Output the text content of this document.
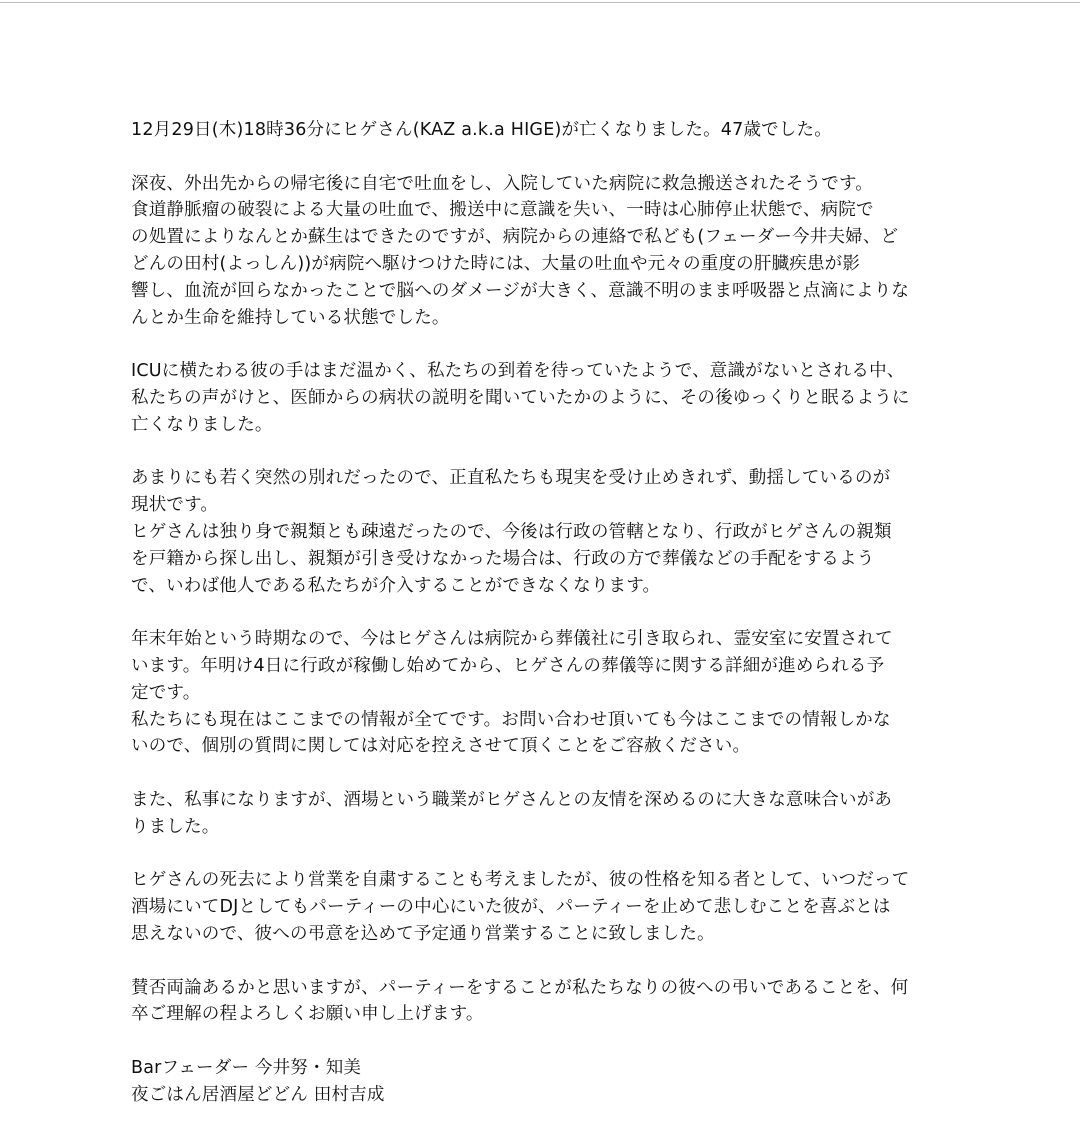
12月29日(木)18時36分にヒゲさん(KAZ a.k.a HIGE)が亡くなりました。47歳でした。

深夜、外出先からの帰宅後に自宅で吐血をし、入院していた病院に救急搬送されたそうです。
食道静脈瘤の破裂による大量の吐血で、搬送中に意識を失い、一時は心肺停止状態で、病院で
の処置によりなんとか蘇生はできたのですが、病院からの連絡で私ども(フェーダー今井夫婦、ど
どんの田村(よっしん))が病院へ駆けつけた時には、大量の吐血や元々の重度の肝臓疾患が影
響し、血流が回らなかったことで脳へのダメージが大きく、意識不明のまま呼吸器と点滴によりな
んとか生命を維持している状態でした。

ICUに横たわる彼の手はまだ温かく、私たちの到着を待っていたようで、意識がないとされる中、
私たちの声がけと、医師からの病状の説明を聞いていたかのように、その後ゆっくりと眠るように
亡くなりました。

あまりにも若く突然の別れだったので、正直私たちも現実を受け止めきれず、動揺しているのが
現状です。
ヒゲさんは独り身で親類とも疎遠だったので、今後は行政の管轄となり、行政がヒゲさんの親類
を戸籍から探し出し、親類が引き受けなかった場合は、行政の方で葬儀などの手配をするよう
で、いわば他人である私たちが介入することができなくなります。

年末年始という時期なので、今はヒゲさんは病院から葬儀社に引き取られ、霊安室に安置されて
います。年明け4日に行政が稼働し始めてから、ヒゲさんの葬儀等に関する詳細が進められる予
定です。
私たちにも現在はここまでの情報が全てです。お問い合わせ頂いても今はここまでの情報しかな
いので、個別の質問に関しては対応を控えさせて頂くことをご容赦ください。

また、私事になりますが、酒場という職業がヒゲさんとの友情を深めるのに大きな意味合いがあ
りました。

ヒゲさんの死去により営業を自粛することも考えましたが、彼の性格を知る者として、いつだって
酒場にいてDJとしてもパーティーの中心にいた彼が、パーティーを止めて悲しむことを喜ぶとは
思えないので、彼への弔意を込めて予定通り営業することに致しました。

賛否両論あるかと思いますが、パーティーをすることが私たちなりの彼への弔いであることを、何
卒ご理解の程よろしくお願い申し上げます。

Barフェーダー 今井努・知美
夜ごはん居酒屋どどん 田村吉成
